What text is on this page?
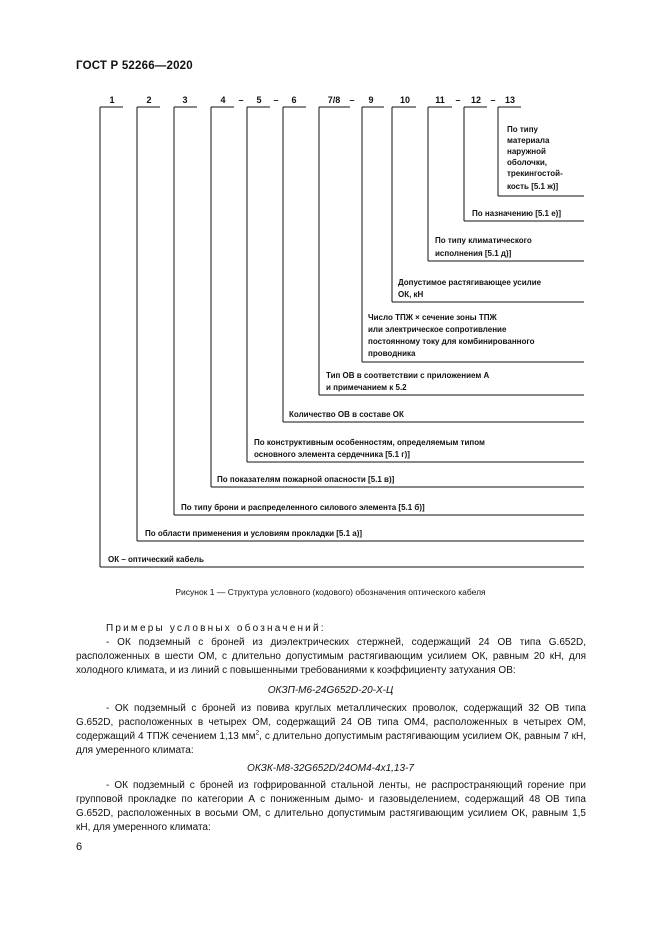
ГОСТ Р 52266—2020
1	2	3	4	5	6	7/8	9	10	11	12	13
–	–	–	–	–
По типу
материала
наружной
оболочки,
трекингостой-
кость [5.1 ж)]
По назначению [5.1 е)]
По типу климатического
исполнения [5.1 д)]
Допустимое растягивающее усилие
ОК, кН
Число ТПЖ × сечение зоны ТПЖ
или электрическое сопротивление
постоянному току для комбинированного
проводника
Тип ОВ в соответствии с приложением А
и примечанием к 5.2
Количество ОВ в составе ОК
По конструктивным особенностям, определяемым типом
основного элемента сердечника [5.1 г)]
По показателям пожарной опасности [5.1 в)]
По типу брони и распределенного силового элемента [5.1 б)]
По области применения и условиям прокладки [5.1 а)]
ОК – оптический кабель
Рисунок 1 — Структура условного (кодового) обозначения оптического кабеля
Примеры условных обозначений:
- ОК подземный с броней из диэлектрических стержней, содержащий 24 ОВ типа G.652D, расположенных в шести ОМ, с длительно допустимым растягивающим усилием ОК, равным 20 кН, для холодного климата, и из линий с повышенными требованиями к коэффициенту затухания ОВ:
ОКЗП-М6-24G652D-20-Х-Ц
- ОК подземный с броней из повива круглых металлических проволок, содержащий 32 ОВ типа G.652D, расположенных в четырех ОМ, содержащий 24 ОВ типа ОМ4, расположенных в четырех ОМ, содержащий 4 ТПЖ сечением 1,13 $мм^2$, с длительно допустимым растягивающим усилием ОК, равным 7 кН, для умеренного климата:
ОКЗК-М8-32G652D/24ОМ4-4x1,13-7
- ОК подземный с броней из гофрированной стальной ленты, не распространяющий горение при групповой прокладке по категории А с пониженным дымо- и газовыделением, содержащий 48 ОВ типа G.652D, расположенных в восьми ОМ, с длительно допустимым растягивающим усилием ОК, равным 1,5 кН, для умеренного климата:
6
